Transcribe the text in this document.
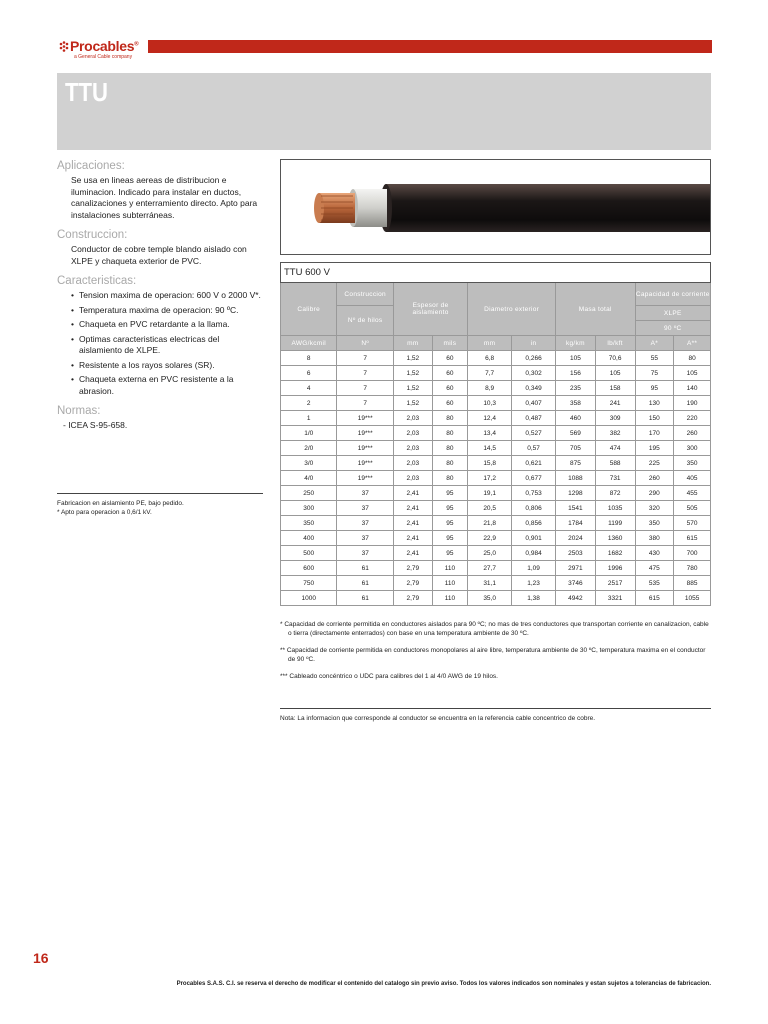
Procables®
a General Cable company
TTU
Aplicaciones:

Se usa en lineas aereas de distribucion e iluminacion. Indicado para instalar en ductos, canalizaciones y enterramiento directo. Apto para instalaciones subterráneas.

Construccion:

Conductor de cobre temple blando aislado con XLPE y chaqueta exterior de PVC.

Caracteristicas:
• Tension maxima de operacion: 600 V o 2000 V*.
• Temperatura maxima de operacion: 90 ºC.
• Chaqueta en PVC retardante a la llama.
• Optimas caracteristicas electricas del aislamiento de XLPE.
• Resistente a los rayos solares (SR).
• Chaqueta externa en PVC resistente a la abrasion.
Normas:
- ICEA S-95-658.
Fabricacion en aislamiento PE, bajo pedido.
* Apto para operacion a 0,6/1 kV.
TTU 600 V									
Calibre	Construccion	Espesor de aislamiento		Diametro exterior		Masa total		Capacidad de corriente	
	Nº de hilos							XLPE	
								90 ºC	
AWG/kcmil	Nº	mm	mils	mm	in	kg/km	lb/kft	A*	A**
8	7	1,52	60	6,8	0,266	105	70,6	55	80
6	7	1,52	60	7,7	0,302	156	105	75	105
4	7	1,52	60	8,9	0,349	235	158	95	140
2	7	1,52	60	10,3	0,407	358	241	130	190
1	19***	2,03	80	12,4	0,487	460	309	150	220
1/0	19***	2,03	80	13,4	0,527	569	382	170	260
2/0	19***	2,03	80	14,5	0,57	705	474	195	300
3/0	19***	2,03	80	15,8	0,621	875	588	225	350
4/0	19***	2,03	80	17,2	0,677	1088	731	260	405
250	37	2,41	95	19,1	0,753	1298	872	290	455
300	37	2,41	95	20,5	0,806	1541	1035	320	505
350	37	2,41	95	21,8	0,856	1784	1199	350	570
400	37	2,41	95	22,9	0,901	2024	1360	380	615
500	37	2,41	95	25,0	0,984	2503	1682	430	700
600	61	2,79	110	27,7	1,09	2971	1996	475	780
750	61	2,79	110	31,1	1,23	3746	2517	535	885
1000	61	2,79	110	35,0	1,38	4942	3321	615	1055

* Capacidad de corriente permitida en conductores aislados para 90 ºC; no mas de tres conductores que transportan corriente en canalizacion, cable o tierra (directamente enterrados) con base en una temperatura ambiente de 30 ºC.

** Capacidad de corriente permitida en conductores monopolares al aire libre, temperatura ambiente de 30 ºC, temperatura maxima en el conductor de 90 ºC.

*** Cableado concéntrico o UDC para calibres del 1 al 4/0 AWG de 19 hilos.

Nota: La informacion que corresponde al conductor se encuentra en la referencia cable concentrico de cobre.
16
Procables S.A.S. C.I. se reserva el derecho de modificar el contenido del catalogo sin previo aviso. Todos los valores indicados son nominales y estan sujetos a tolerancias de fabricacion.
